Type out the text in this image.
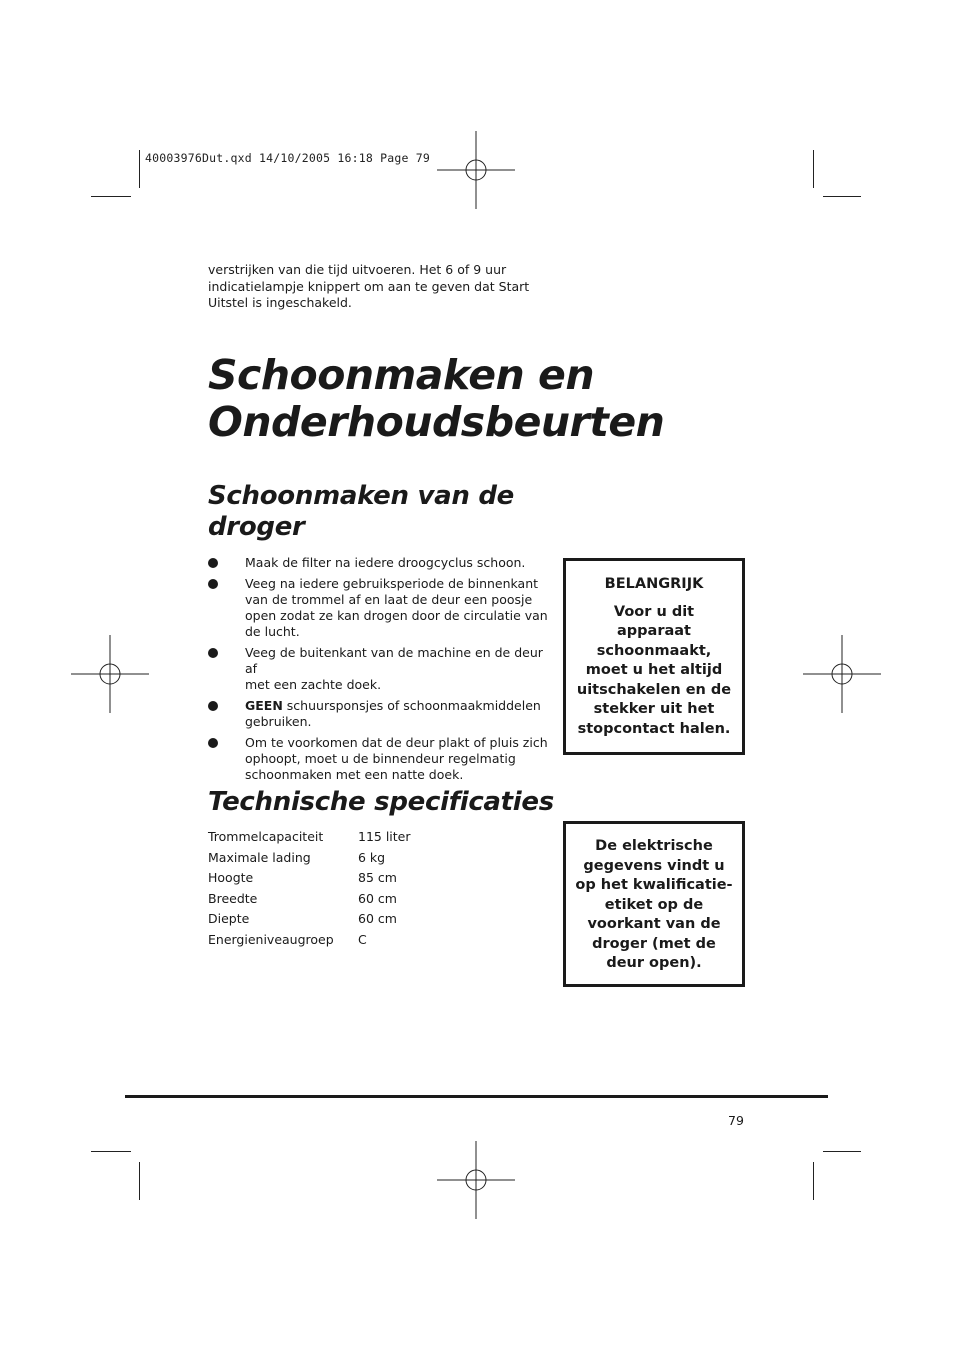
40003976Dut.qxd 14/10/2005 16:18 Page 79
verstrijken van die tijd uitvoeren. Het 6 of 9 uur
indicatielampje knippert om aan te geven dat Start
Uitstel is ingeschakeld.
Schoonmaken en
Onderhoudsbeurten
Schoonmaken van de
droger
Maak de filter na iedere droogcyclus schoon.
Veeg na iedere gebruiksperiode de binnenkant
van de trommel af en laat de deur een poosje
open zodat ze kan drogen door de circulatie van
de lucht.
Veeg de buitenkant van de machine en de deur af
met een zachte doek.
GEEN schuursponsjes of schoonmaakmiddelen
gebruiken.
Om te voorkomen dat de deur plakt of pluis zich
ophoopt, moet u de binnendeur regelmatig
schoonmaken met een natte doek.
BELANGRIJK
Voor u dit
apparaat
schoonmaakt,
moet u het altijd
uitschakelen en de
stekker uit het
stopcontact halen.
Technische specificaties
Trommelcapaciteit	115 liter
Maximale lading	6 kg
Hoogte	85 cm
Breedte	60 cm
Diepte	60 cm
Energieniveaugroep	C
De elektrische
gegevens vindt u
op het kwalificatie-
etiket op de
voorkant van de
droger (met de
deur open).
79
